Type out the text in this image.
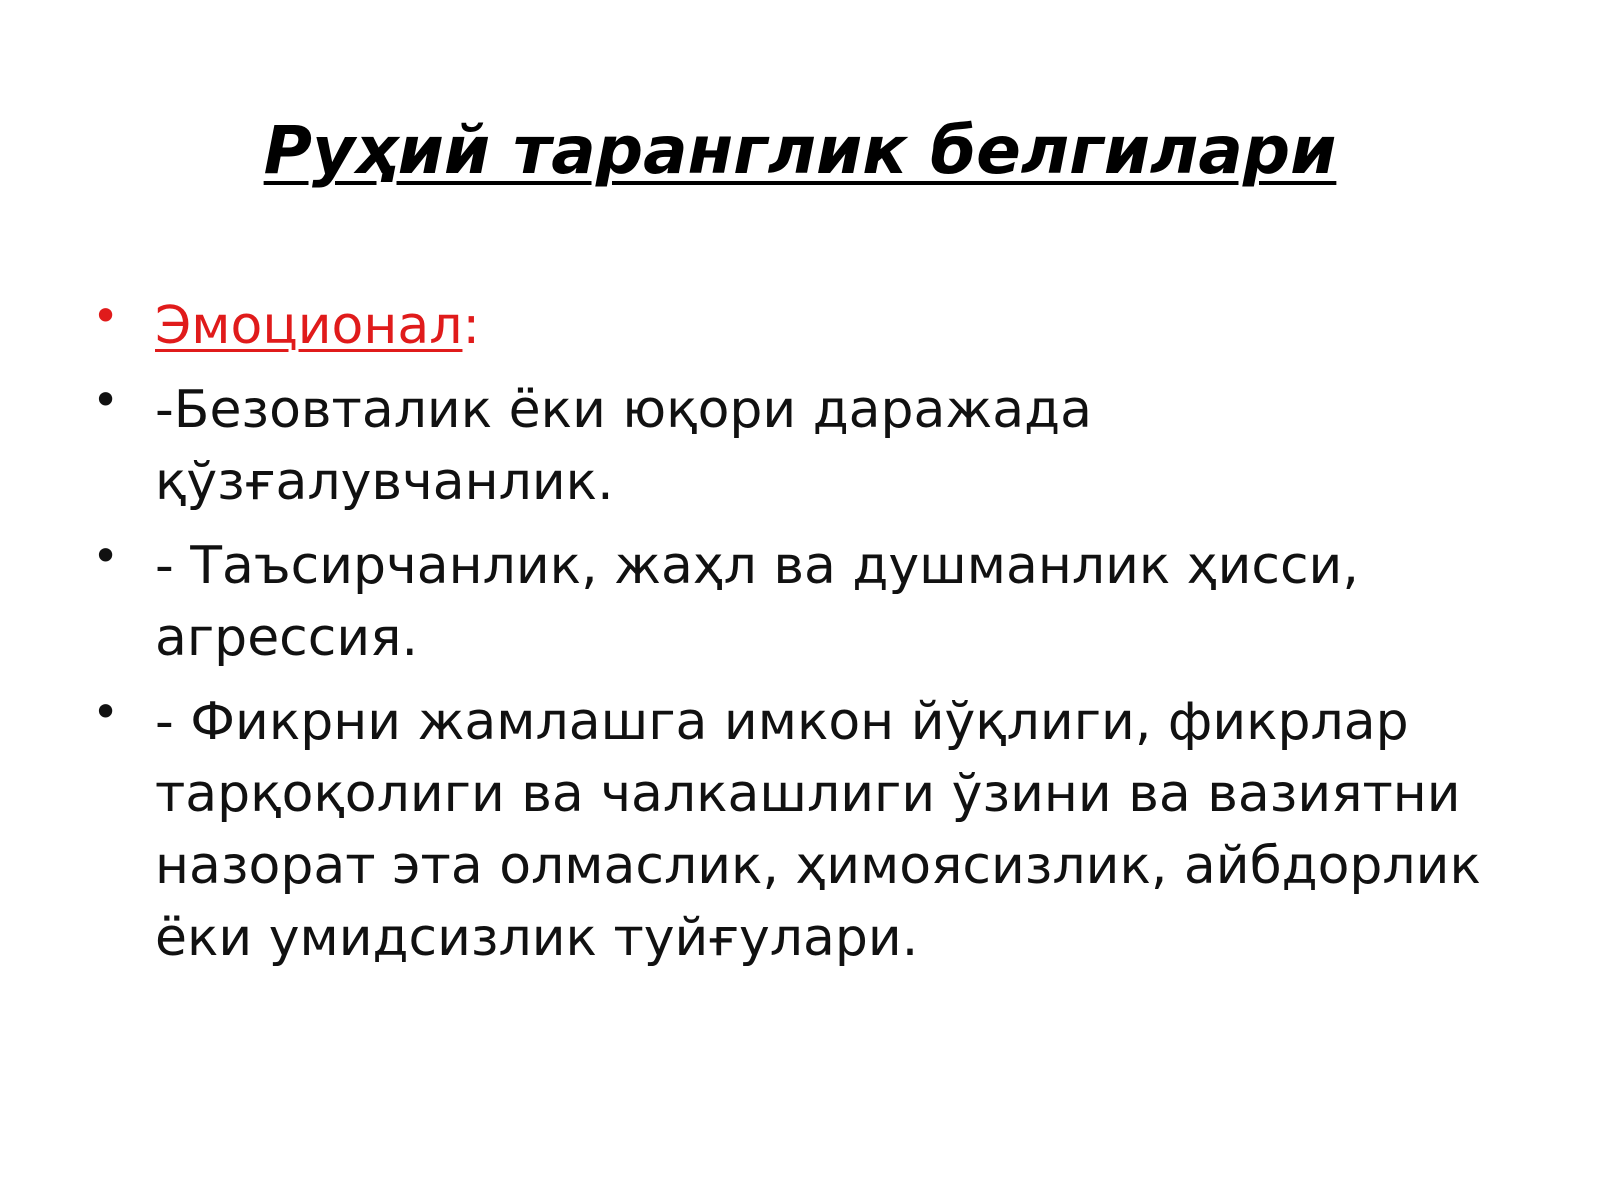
Руҳий таранглик белгилари
• Эмоционал:
• -Безовталик ёки юқори даражада қўзғалувчанлик.
• - Таъсирчанлик, жаҳл ва душманлик ҳисси, агрессия.
• - Фикрни жамлашга имкон йўқлиги, фикрлар тарқоқолиги ва чалкашлиги ўзини ва вазиятни назорат эта олмаслик, ҳимоясизлик, айбдорлик ёки умидсизлик туйғулари.
